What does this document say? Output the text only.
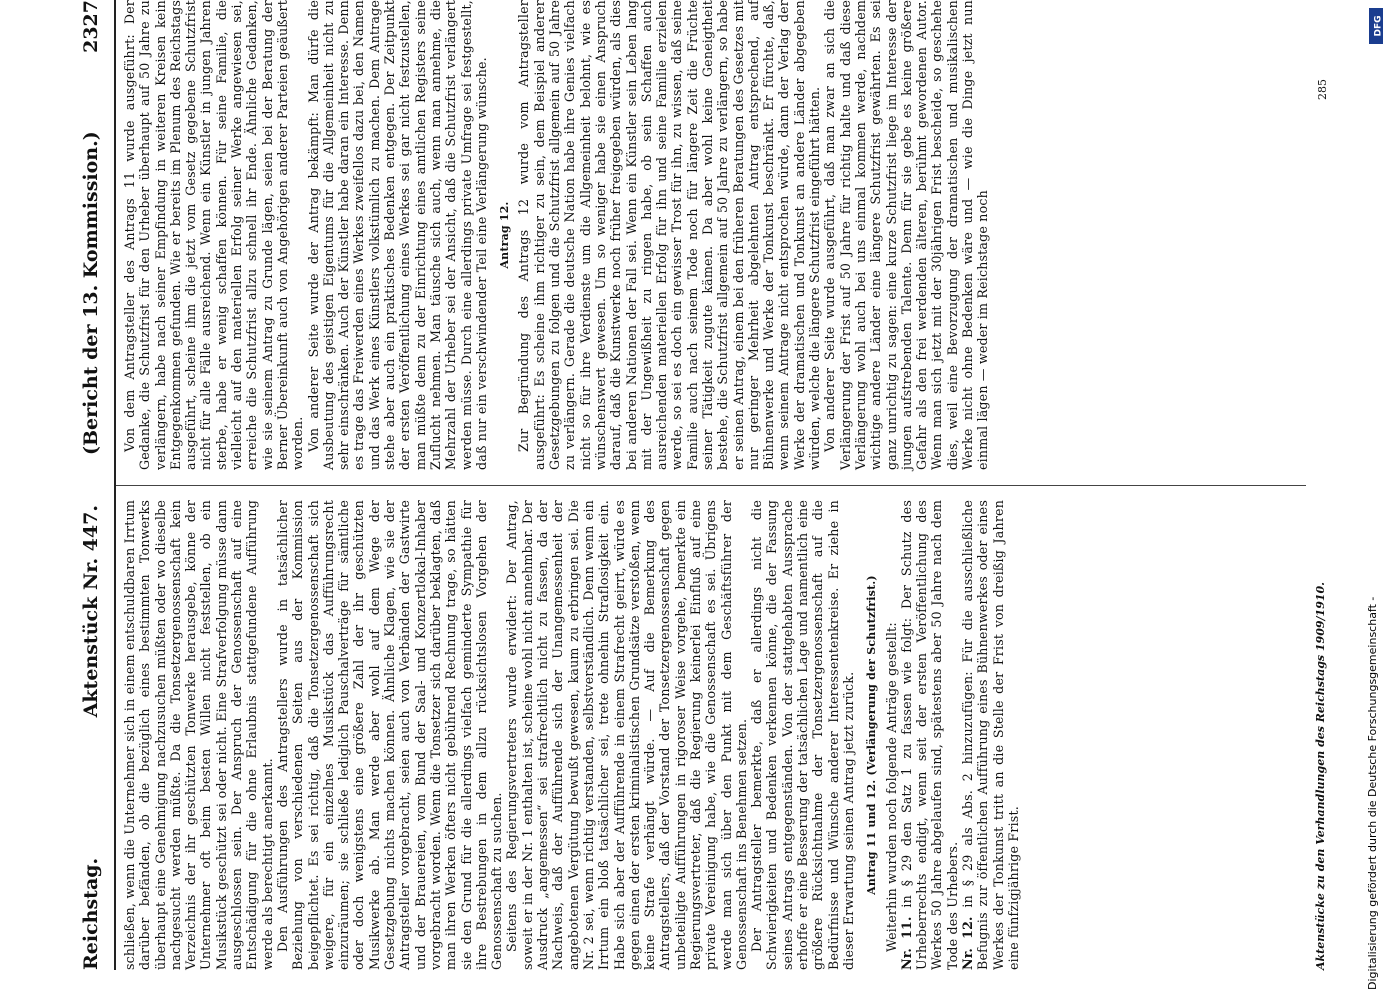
Reichstag.
Aktenstück Nr. 447.
(Bericht der 13. Kommission.)
2327

schließen, wenn die Unternehmer sich in einem entschuldbaren Irrtum darüber befänden, ob die bezüglich eines bestimmten Tonwerks überhaupt eine Genehmigung nachzusuchen müßten oder wo dieselbe nachgesucht werden müßte. Da die Tonsetzergenossenschaft kein Verzeichnis der ihr geschützten Tonwerke herausgebe, könne der Unternehmer oft beim besten Willen nicht feststellen, ob ein Musikstück geschützt sei oder nicht. Eine Strafverfolgung müsse dann ausgeschlossen sein. Der Anspruch der Genossenschaft auf eine Entschädigung für die ohne Erlaubnis stattgefundene Aufführung werde als berechtigt anerkannt. Den Ausführungen des Antragstellers wurde in tatsächlicher Beziehung von verschiedenen Seiten aus der Kommission beigepflichtet. Es sei richtig, daß die Tonsetzergenossenschaft sich weigere, für ein einzelnes Musikstück das Aufführungsrecht einzuräumen; sie schließe lediglich Pauschalverträge für sämtliche oder doch wenigstens eine größere Zahl der ihr geschützten Musikwerke ab. Man werde aber wohl auf dem Wege der Gesetzgebung nichts machen können. Ähnliche Klagen, wie sie der Antragsteller vorgebracht, seien auch von Verbänden der Gastwirte und der Brauereien, vom Bund der Saal- und Konzertlokal-Inhaber vorgebracht worden. Wenn die Tonsetzer sich darüber beklagten, daß man ihren Werken öfters nicht gebührend Rechnung trage, so hätten sie den Grund für die allerdings vielfach geminderte Sympathie für ihre Bestrebungen in dem allzu rücksichtslosen Vorgehen der Genossenschaft zu suchen. Seitens des Regierungsvertreters wurde erwidert: Der Antrag, soweit er in der Nr. 1 enthalten ist, scheine wohl nicht annehmbar. Der Ausdruck „angemessen“ sei strafrechtlich nicht zu fassen, da der Nachweis, daß der Aufführende sich der Unangemessenheit der angebotenen Vergütung bewußt gewesen, kaum zu erbringen sei. Die Nr. 2 sei, wenn richtig verstanden, selbstverständlich. Denn wenn ein Irrtum ein bloß tatsächlicher sei, trete ohnehin Straflosigkeit ein. Habe sich aber der Aufführende in einem Strafrecht geirrt, würde es gegen einen der ersten kriminalistischen Grundsätze verstoßen, wenn keine Strafe verhängt würde. — Auf die Bemerkung des Antragstellers, daß der Vorstand der Tonsetzergenossenschaft gegen unbeteiligte Aufführungen in rigoroser Weise vorgehe, bemerkte ein Regierungsvertreter, daß die Regierung keinerlei Einfluß auf eine private Vereinigung habe, wie die Genossenschaft es sei. Übrigens werde man sich über den Punkt mit dem Geschäftsführer der Genossenschaft ins Benehmen setzen. Der Antragsteller bemerkte, daß er allerdings nicht die Schwierigkeiten und Bedenken verkennen könne, die der Fassung seines Antrags entgegenständen. Von der stattgehabten Aussprache erhoffe er eine Besserung der tatsächlichen Lage und namentlich eine größere Rücksichtnahme der Tonsetzergenossenschaft auf die Bedürfnisse und Wünsche anderer Interessentenkreise. Er ziehe in dieser Erwartung seinen Antrag jetzt zurück. Antrag 11 und 12. (Verlängerung der Schutzfrist.) Weiterhin wurden noch folgende Anträge gestellt: Nr. 11. in § 29 den Satz 1 zu fassen wie folgt: Der Schutz des Urheberrechts endigt, wenn seit der ersten Veröffentlichung des Werkes 50 Jahre abgelaufen sind, spätestens aber 50 Jahre nach dem Tode des Urhebers. Nr. 12. in § 29 als Abs. 2 hinzuzufügen: Für die ausschließliche Befugnis zur öffentlichen Aufführung eines Bühnenwerkes oder eines Werkes der Tonkunst tritt an die Stelle der Frist von dreißig Jahren eine fünfzigjährige Frist.

Von dem Antragsteller des Antrags 11 wurde ausgeführt: Der Gedanke, die Schutzfrist für den Urheber überhaupt auf 50 Jahre zu verlängern, habe nach seiner Empfindung in weiteren Kreisen kein Entgegenkommen gefunden. Wie er bereits im Plenum des Reichstags ausgeführt, scheine ihm die jetzt vom Gesetz gegebene Schutzfrist nicht für alle Fälle ausreichend. Wenn ein Künstler in jungen Jahren sterbe, habe er wenig schaffen können. Für seine Familie, die vielleicht auf den materiellen Erfolg seiner Werke angewiesen sei, erreiche die Schutzfrist allzu schnell ihr Ende. Ähnliche Gedanken, wie sie seinem Antrag zu Grunde lägen, seien bei der Beratung der Berner Übereinkunft auch von Angehörigen anderer Parteien geäußert worden. Von anderer Seite wurde der Antrag bekämpft: Man dürfe die Ausbeutung des geistigen Eigentums für die Allgemeinheit nicht zu sehr einschränken. Auch der Künstler habe daran ein Interesse. Denn es trage das Freiwerden eines Werkes zweifellos dazu bei, den Namen und das Werk eines Künstlers volkstümlich zu machen. Dem Antrage stehe aber auch ein praktisches Bedenken entgegen. Der Zeitpunkt der ersten Veröffentlichung eines Werkes sei gar nicht festzustellen, man müßte denn zu der Einrichtung eines amtlichen Registers seine Zuflucht nehmen. Man täusche sich auch, wenn man annehme, die Mehrzahl der Urheber sei der Ansicht, daß die Schutzfrist verlängert werden müsse. Durch eine allerdings private Umfrage sei festgestellt, daß nur ein verschwindender Teil eine Verlängerung wünsche. Antrag 12. Zur Begründung des Antrags 12 wurde vom Antragsteller ausgeführt: Es scheine ihm richtiger zu sein, dem Beispiel anderer Gesetzgebungen zu folgen und die Schutzfrist allgemein auf 50 Jahre zu verlängern. Gerade die deutsche Nation habe ihre Genies vielfach nicht so für ihre Verdienste um die Allgemeinheit belohnt, wie es wünschenswert gewesen. Um so weniger habe sie einen Anspruch darauf, daß die Kunstwerke noch früher freigegeben würden, als dies bei anderen Nationen der Fall sei. Wenn ein Künstler sein Leben lang mit der Ungewißheit zu ringen habe, ob sein Schaffen auch ausreichenden materiellen Erfolg für ihn und seine Familie erzielen werde, so sei es doch ein gewisser Trost für ihn, zu wissen, daß seine Familie auch nach seinem Tode noch für längere Zeit die Früchte seiner Tätigkeit zugute kämen. Da aber wohl keine Geneigtheit bestehe, die Schutzfrist allgemein auf 50 Jahre zu verlängern, so habe er seinen Antrag, einem bei den früheren Beratungen des Gesetzes mit nur geringer Mehrheit abgelehnten Antrag entsprechend, auf Bühnenwerke und Werke der Tonkunst beschränkt. Er fürchte, daß, wenn seinem Antrage nicht entsprochen würde, dann der Verlag der Werke der dramatischen und Tonkunst an andere Länder abgegeben würden, welche die längere Schutzfrist eingeführt hätten. Von anderer Seite wurde ausgeführt, daß man zwar an sich die Verlängerung der Frist auf 50 Jahre für richtig halte und daß diese Verlängerung wohl auch bei uns einmal kommen werde, nachdem wichtige andere Länder eine längere Schutzfrist gewährten. Es sei ganz unrichtig zu sagen: eine kurze Schutzfrist liege im Interesse der jungen aufstrebenden Talente. Denn für sie gebe es keine größere Gefahr als den frei werdenden älteren, berühmt gewordenen Autor. Wenn man sich jetzt mit der 30jährigen Frist bescheide, so geschehe dies, weil eine Bevorzugung der dramatischen und musikalischen Werke nicht ohne Bedenken wäre und — wie die Dinge jetzt nun einmal lägen — weder im Reichstage noch

Aktenstücke zu den Verhandlungen des Reichstags 1909/1910.
285
DFG
Digitalisierung gefördert durch die Deutsche Forschungsgemeinschaft -
